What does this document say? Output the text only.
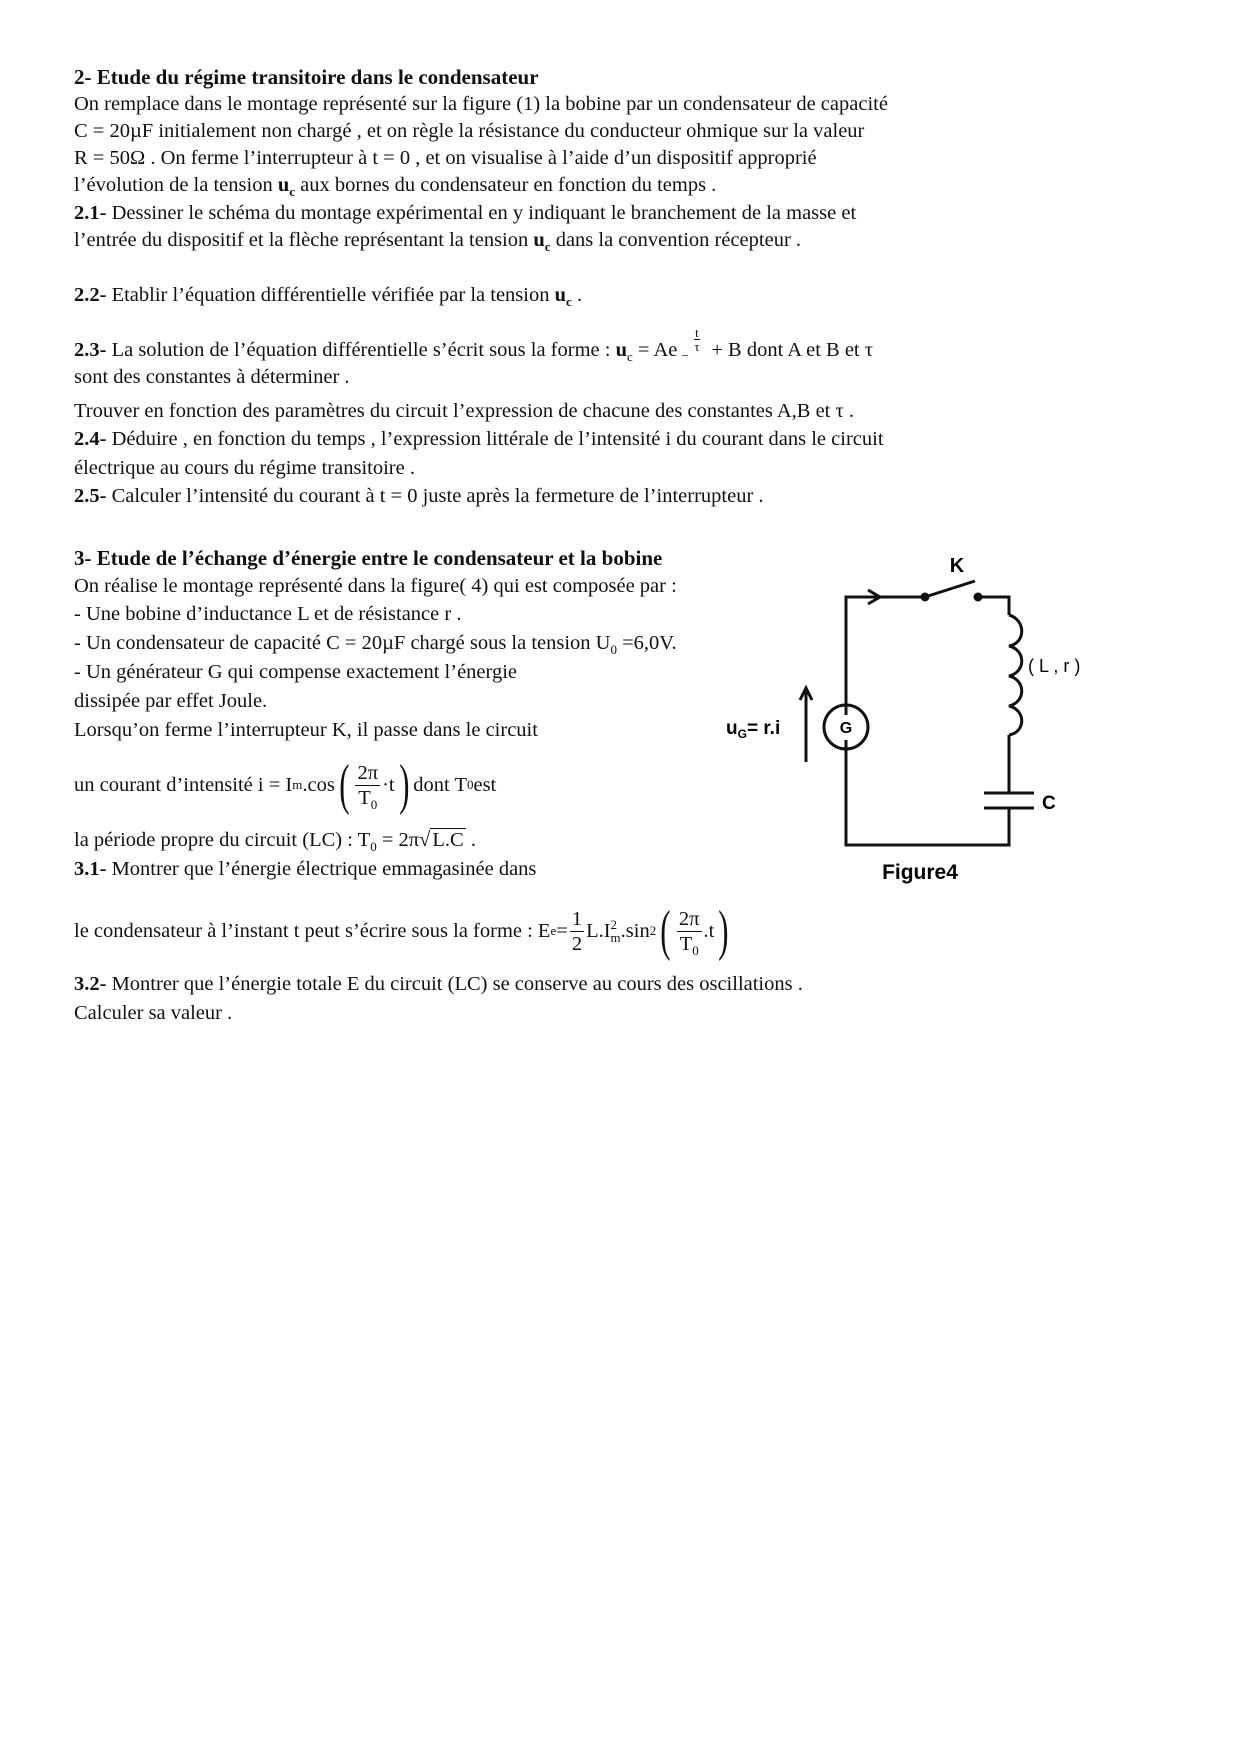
2- Etude du régime transitoire dans le condensateur
On remplace dans le montage représenté sur la figure (1) la bobine par un condensateur de capacité
C = 20µF initialement non chargé , et on règle la résistance du conducteur ohmique sur la valeur
R = 50Ω . On ferme l’interrupteur à t = 0 , et on visualise à l’aide d’un dispositif approprié
l’évolution de la tension $u_c$ aux bornes du condensateur en fonction du temps .
2.1- Dessiner le schéma du montage expérimental en y indiquant le branchement de la masse et
l’entrée du dispositif et la flèche représentant la tension $u_c$ dans la convention récepteur .
2.2- Etablir l’équation différentielle vérifiée par la tension $u_c$ .
2.3- La solution de l’équation différentielle s’écrit sous la forme : $u_c = Ae$ −
t
τ + B dont A et B et τ
sont des constantes à déterminer .
Trouver en fonction des paramètres du circuit l’expression de chacune des constantes A,B et τ .
2.4- Déduire , en fonction du temps , l’expression littérale de l’intensité i du courant dans le circuit
électrique au cours du régime transitoire .
2.5- Calculer l’intensité du courant à t = 0 juste après la fermeture de l’interrupteur .
3- Etude de l’échange d’énergie entre le condensateur et la bobine
On réalise le montage représenté dans la figure( 4) qui est composée par :
- Une bobine d’inductance L et de résistance r .
- Un condensateur de capacité C = 20µF chargé sous la tension $U_0 =6,0V$.
- Un générateur G qui compense exactement l’énergie
dissipée par effet Joule.
Lorsqu’on ferme l’interrupteur K, il passe dans le circuit
un courant d’intensité i = I m .cos ( $\frac{2\pi}{T_0} \cdot t$ ) dont T 0 est
la période propre du circuit (LC) : $T_0 = 2\pi√L.C$ .
3.1- Montrer que l’énergie électrique emmagasinée dans
le condensateur à l’instant t peut s’écrire sous la forme : E $e = \frac{1}{2} L.I$ 2
m .sin 2 ( $\frac{2\pi}{T_0} .t$ )
3.2- Montrer que l’énergie totale E du circuit (LC) se conserve au cours des oscillations .
Calculer sa valeur .
K
( L , r )
C
G
$u_G= r.i$
Figure4
